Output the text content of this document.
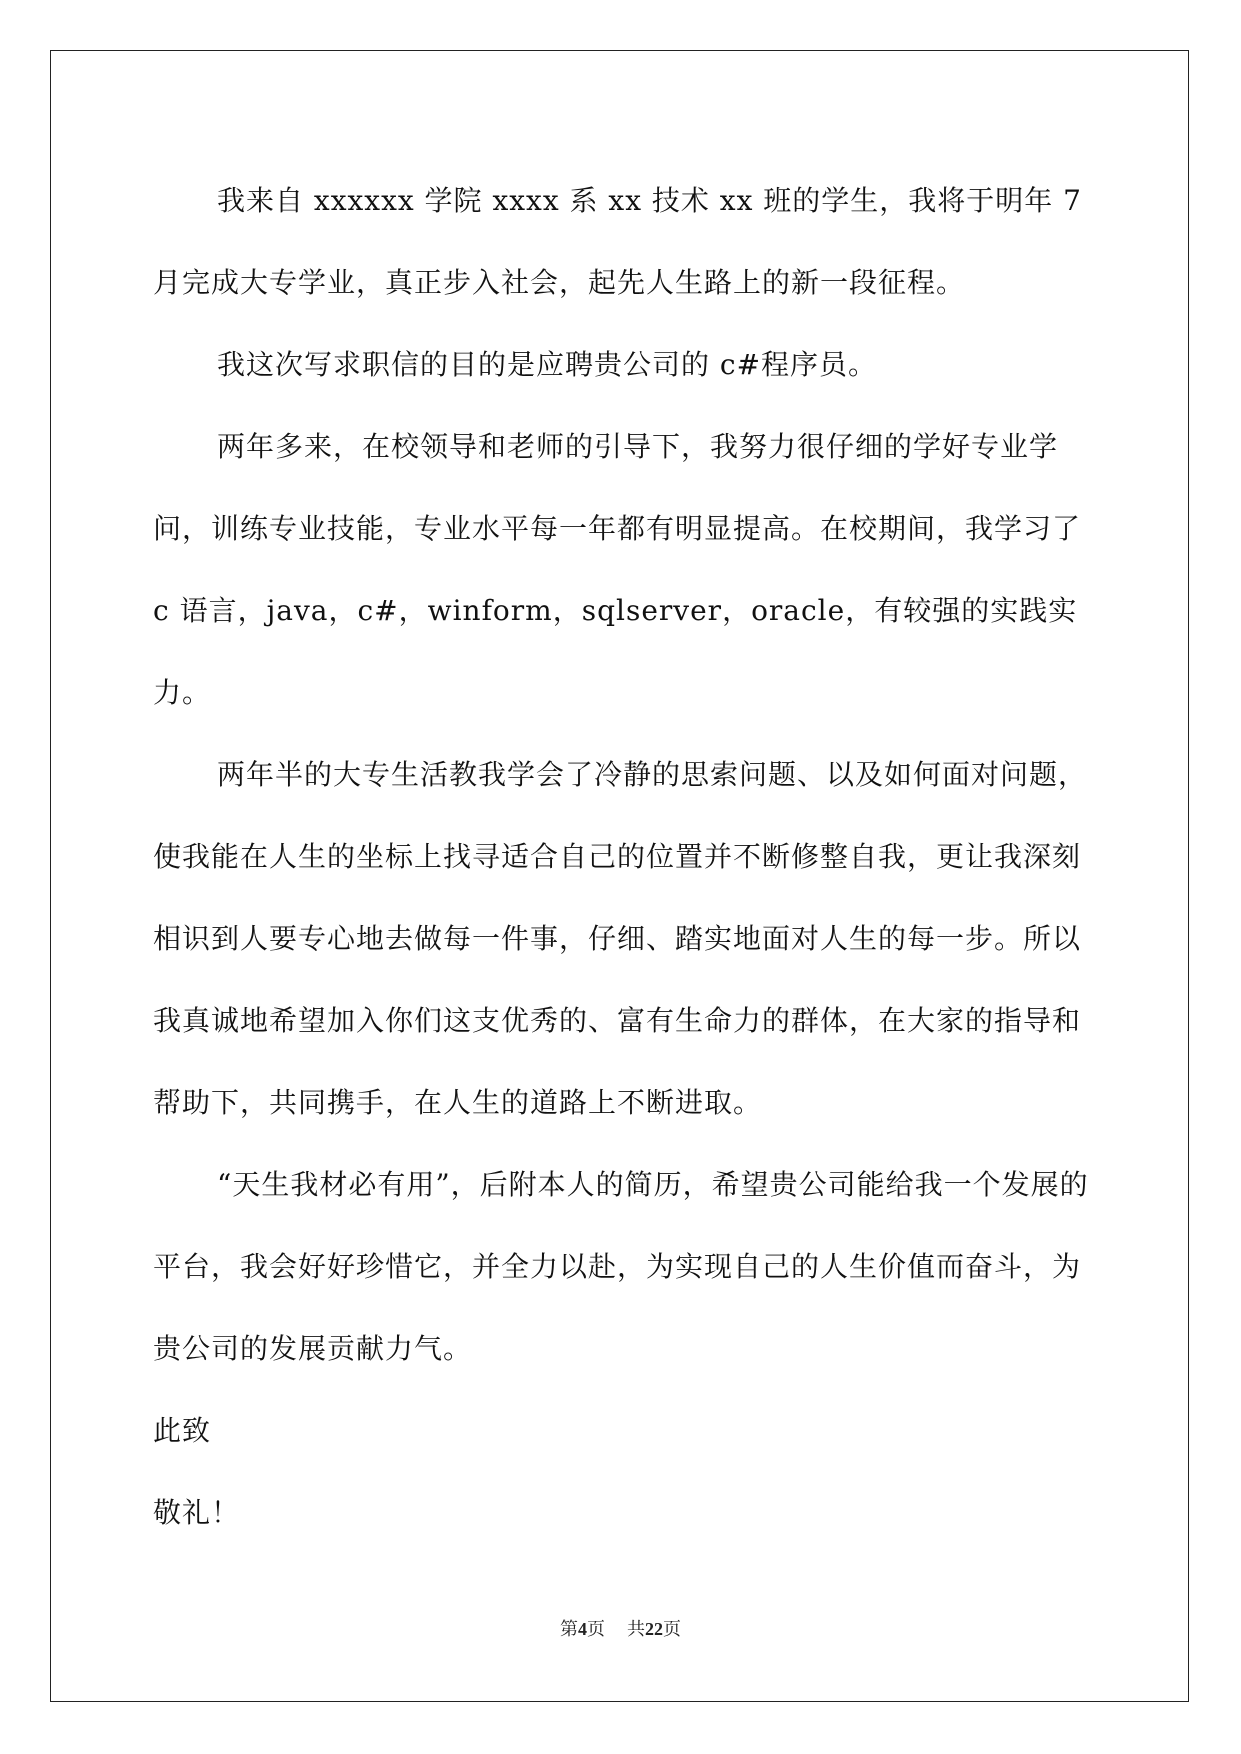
我来自 xxxxxx 学院 xxxx 系 xx 技术 xx 班的学生，我将于明年 7 月完成大专学业，真正步入社会，起先人生路上的新一段征程。

我这次写求职信的目的是应聘贵公司的 c#程序员。

两年多来，在校领导和老师的引导下，我努力很仔细的学好专业学问，训练专业技能，专业水平每一年都有明显提高。在校期间，我学习了 c 语言，java，c#，winform，sqlserver，oracle，有较强的实践实力。

两年半的大专生活教我学会了冷静的思索问题、以及如何面对问题，使我能在人生的坐标上找寻适合自己的位置并不断修整自我，更让我深刻相识到人要专心地去做每一件事，仔细、踏实地面对人生的每一步。所以我真诚地希望加入你们这支优秀的、富有生命力的群体，在大家的指导和帮助下，共同携手，在人生的道路上不断进取。

“天生我材必有用”，后附本人的简历，希望贵公司能给我一个发展的平台，我会好好珍惜它，并全力以赴，为实现自己的人生价值而奋斗，为贵公司的发展贡献力气。

此致

敬礼！

第4页 共22页
